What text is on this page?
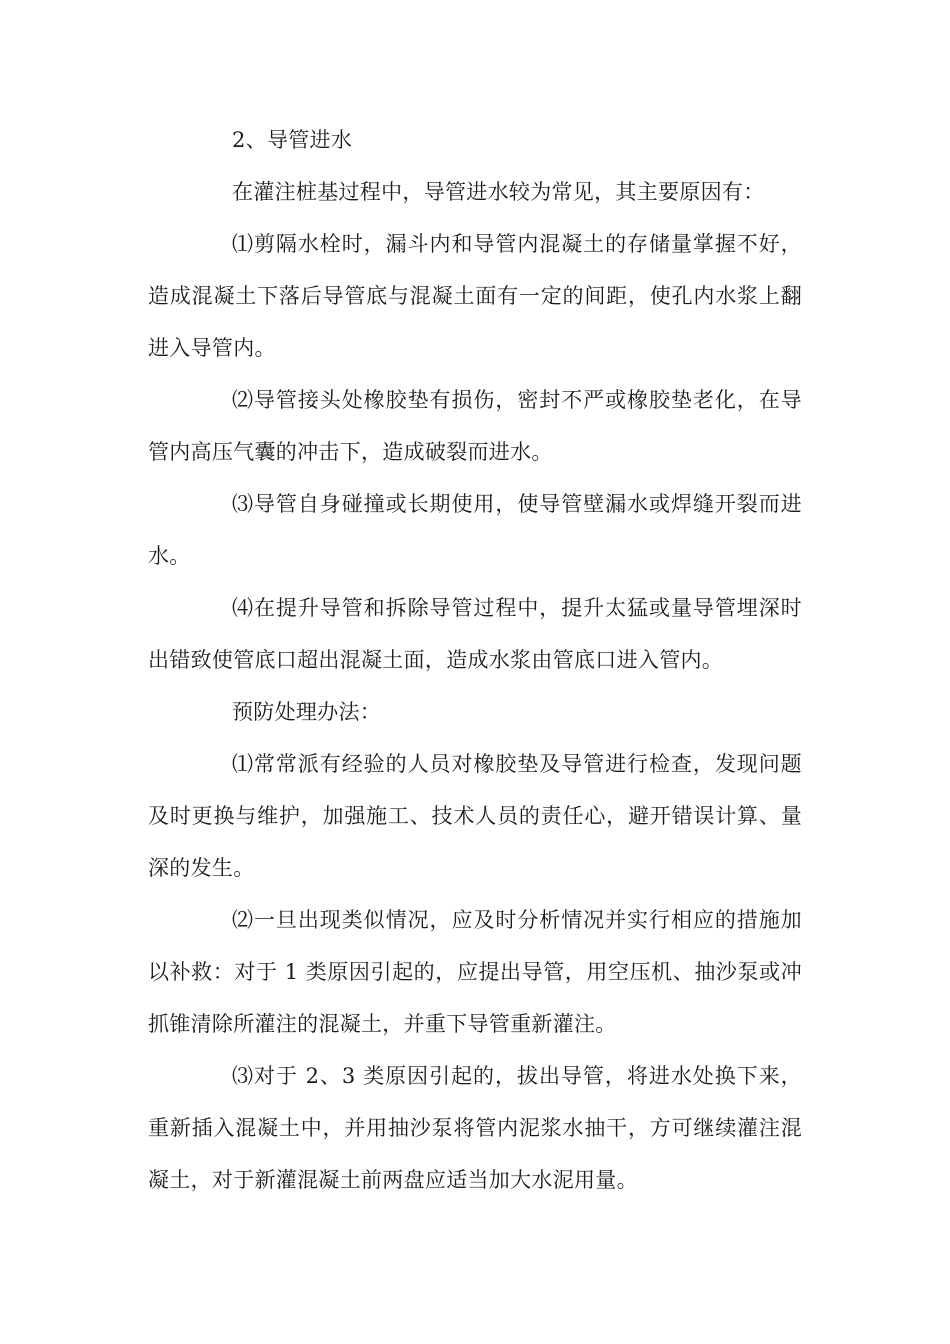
2、导管进水

在灌注桩基过程中，导管进水较为常见，其主要原因有：

⑴剪隔水栓时，漏斗内和导管内混凝土的存储量掌握不好，造成混凝土下落后导管底与混凝土面有一定的间距，使孔内水浆上翻进入导管内。

⑵导管接头处橡胶垫有损伤，密封不严或橡胶垫老化，在导管内高压气囊的冲击下，造成破裂而进水。

⑶导管自身碰撞或长期使用，使导管壁漏水或焊缝开裂而进水。

⑷在提升导管和拆除导管过程中，提升太猛或量导管埋深时出错致使管底口超出混凝土面，造成水浆由管底口进入管内。

预防处理办法：

⑴常常派有经验的人员对橡胶垫及导管进行检查，发现问题及时更换与维护，加强施工、技术人员的责任心，避开错误计算、量深的发生。

⑵一旦出现类似情况，应及时分析情况并实行相应的措施加以补救：对于 1 类原因引起的，应提出导管，用空压机、抽沙泵或冲抓锥清除所灌注的混凝土，并重下导管重新灌注。

⑶对于 2、3 类原因引起的，拔出导管，将进水处换下来，重新插入混凝土中，并用抽沙泵将管内泥浆水抽干，方可继续灌注混凝土，对于新灌混凝土前两盘应适当加大水泥用量。
